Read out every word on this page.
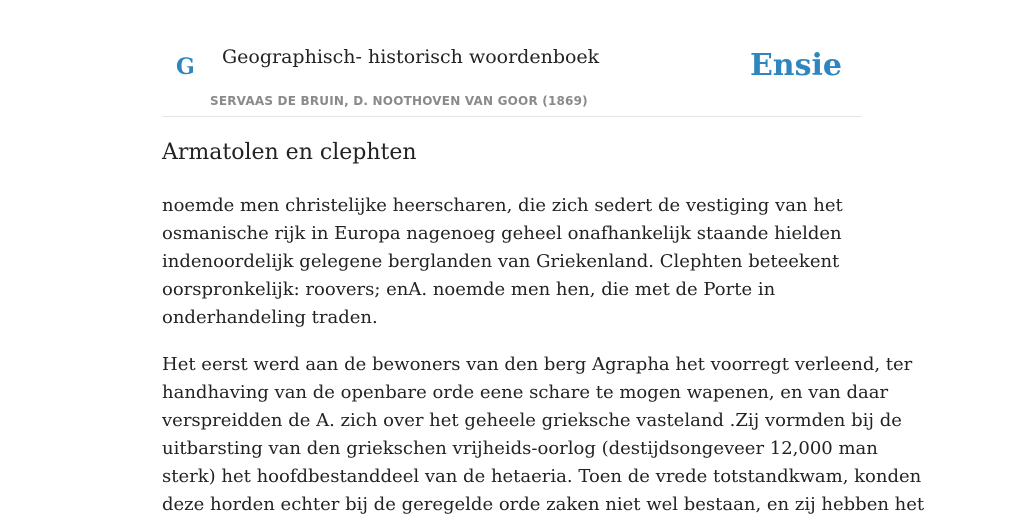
G Geographisch- historisch woordenboek
SERVAAS DE BRUIN, D. NOOTHOVEN VAN GOOR (1869)
Ensie
Armatolen en clephten

noemde men christelijke heerscharen, die zich sedert de vestiging van het
osmanische rijk in Europa nagenoeg geheel onafhankelijk staande hielden
indenoordelijk gelegene berglanden van Griekenland. Clephten beteekent
oorspronkelijk: roovers; enA. noemde men hen, die met de Porte in
onderhandeling traden.

Het eerst werd aan de bewoners van den berg Agrapha het voorregt verleend, ter
handhaving van de openbare orde eene schare te mogen wapenen, en van daar
verspreidden de A. zich over het geheele grieksche vasteland .Zij vormden bij de
uitbarsting van den griekschen vrijheids-oorlog (destijdsongeveer 12,000 man
sterk) het hoofdbestanddeel van de hetaeria. Toen de vrede totstandkwam, konden
deze horden echter bij de geregelde orde zaken niet wel bestaan, en zij hebben het
